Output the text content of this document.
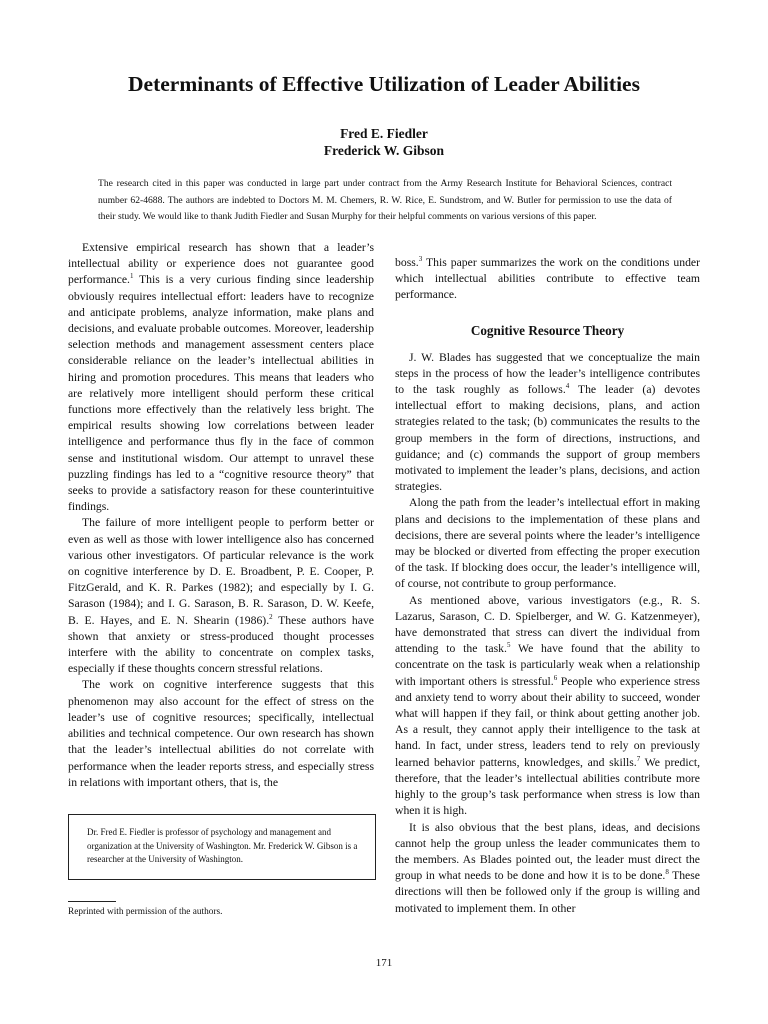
Determinants of Effective Utilization of Leader Abilities
Fred E. Fiedler
Frederick W. Gibson
The research cited in this paper was conducted in large part under contract from the Army Research Institute for Behavioral Sciences, contract number 62-4688. The authors are indebted to Doctors M. M. Chemers, R. W. Rice, E. Sundstrom, and W. Butler for permission to use the data of their study. We would like to thank Judith Fiedler and Susan Murphy for their helpful comments on various versions of this paper.

Extensive empirical research has shown that a leader’s intellectual ability or experience does not guarantee good performance.$^1$ This is a very curious finding since leadership obviously requires intellectual effort: leaders have to recognize and anticipate problems, analyze information, make plans and decisions, and evaluate probable outcomes. Moreover, leadership selection methods and management assessment centers place considerable reliance on the leader’s intellectual abilities in hiring and promotion procedures. This means that leaders who are relatively more intelligent should perform these critical functions more effectively than the relatively less bright. The empirical results showing low correlations between leader intelligence and performance thus fly in the face of common sense and institutional wisdom. Our attempt to unravel these puzzling findings has led to a “cognitive resource theory” that seeks to provide a satisfactory reason for these counterintuitive findings.

The failure of more intelligent people to perform better or even as well as those with lower intelligence also has concerned various other investigators. Of particular relevance is the work on cognitive interference by D. E. Broadbent, P. E. Cooper, P. FitzGerald, and K. R. Parkes (1982); and especially by I. G. Sarason (1984); and I. G. Sarason, B. R. Sarason, D. W. Keefe, B. E. Hayes, and E. N. Shearin (1986).$^2$ These authors have shown that anxiety or stress-produced thought processes interfere with the ability to concentrate on complex tasks, especially if these thoughts concern stressful relations.

The work on cognitive interference suggests that this phenomenon may also account for the effect of stress on the leader’s use of cognitive resources; specifically, intellectual abilities and technical competence. Our own research has shown that the leader’s intellectual abilities do not correlate with performance when the leader reports stress, and especially stress in relations with important others, that is, the

boss.$^3$ This paper summarizes the work on the conditions under which intellectual abilities contribute to effective team performance.

Cognitive Resource Theory

J. W. Blades has suggested that we conceptualize the main steps in the process of how the leader’s intelligence contributes to the task roughly as follows.$^4$ The leader (a) devotes intellectual effort to making decisions, plans, and action strategies related to the task; (b) communicates the results to the group members in the form of directions, instructions, and guidance; and (c) commands the support of group members motivated to implement the leader’s plans, decisions, and action strategies.

Along the path from the leader’s intellectual effort in making plans and decisions to the implementation of these plans and decisions, there are several points where the leader’s intelligence may be blocked or diverted from effecting the proper execution of the task. If blocking does occur, the leader’s intelligence will, of course, not contribute to group performance.

As mentioned above, various investigators (e.g., R. S. Lazarus, Sarason, C. D. Spielberger, and W. G. Katzenmeyer), have demonstrated that stress can divert the individual from attending to the task.$^5$ We have found that the ability to concentrate on the task is particularly weak when a relationship with important others is stressful.$^6$ People who experience stress and anxiety tend to worry about their ability to succeed, wonder what will happen if they fail, or think about getting another job. As a result, they cannot apply their intelligence to the task at hand. In fact, under stress, leaders tend to rely on previously learned behavior patterns, knowledges, and skills.$^7$ We predict, therefore, that the leader’s intellectual abilities contribute more highly to the group’s task performance when stress is low than when it is high.

It is also obvious that the best plans, ideas, and decisions cannot help the group unless the leader communicates them to the members. As Blades pointed out, the leader must direct the group in what needs to be done and how it is to be done.$^8$ These directions will then be followed only if the group is willing and motivated to implement them. In other

Dr. Fred E. Fiedler is professor of psychology and management and organization at the University of Washington. Mr. Frederick W. Gibson is a researcher at the University of Washington.
Reprinted with permission of the authors.
171
